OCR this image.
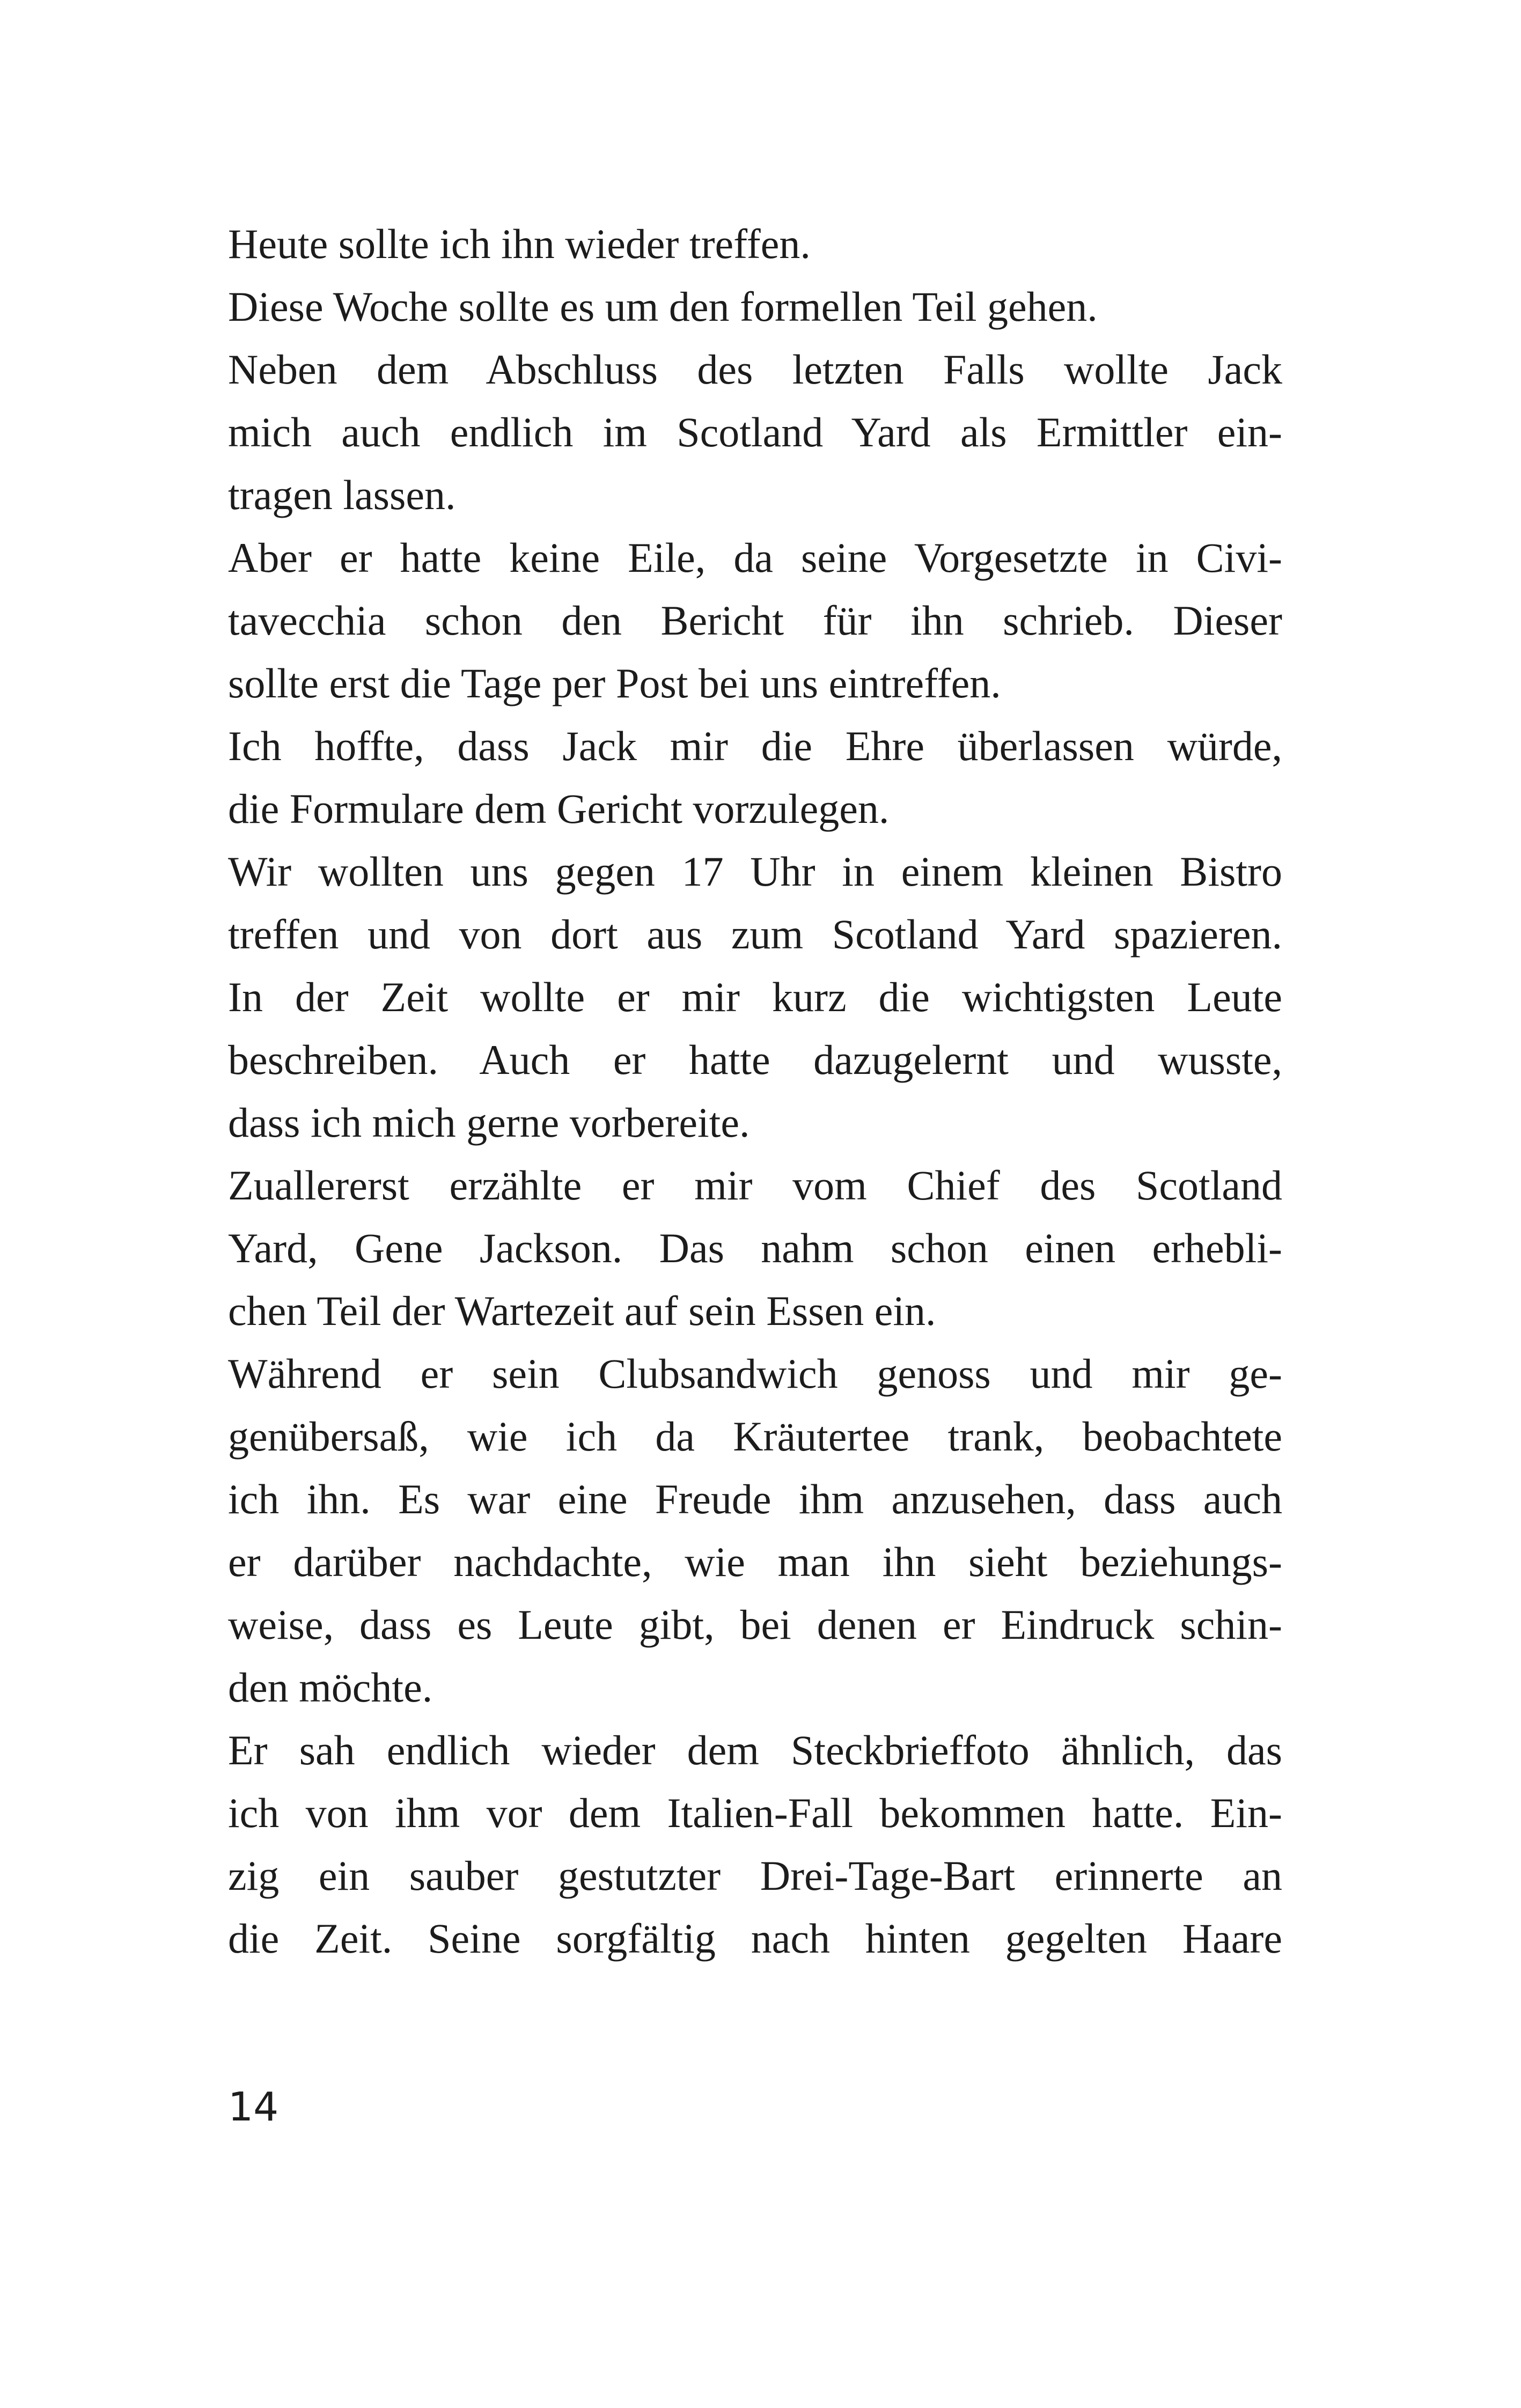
Heute sollte ich ihn wieder treffen.
Diese Woche sollte es um den formellen Teil gehen.
Neben dem Abschluss des letzten Falls wollte Jack
mich auch endlich im Scotland Yard als Ermittler ein-
tragen lassen.
Aber er hatte keine Eile, da seine Vorgesetzte in Civi-
tavecchia schon den Bericht für ihn schrieb. Dieser
sollte erst die Tage per Post bei uns eintreffen.
Ich hoffte, dass Jack mir die Ehre überlassen würde,
die Formulare dem Gericht vorzulegen.
Wir wollten uns gegen 17 Uhr in einem kleinen Bistro
treffen und von dort aus zum Scotland Yard spazieren.
In der Zeit wollte er mir kurz die wichtigsten Leute
beschreiben. Auch er hatte dazugelernt und wusste,
dass ich mich gerne vorbereite.
Zuallererst erzählte er mir vom Chief des Scotland
Yard, Gene Jackson. Das nahm schon einen erhebli-
chen Teil der Wartezeit auf sein Essen ein.
Während er sein Clubsandwich genoss und mir ge-
genübersaß, wie ich da Kräutertee trank, beobachtete
ich ihn. Es war eine Freude ihm anzusehen, dass auch
er darüber nachdachte, wie man ihn sieht beziehungs-
weise, dass es Leute gibt, bei denen er Eindruck schin-
den möchte.
Er sah endlich wieder dem Steckbrieffoto ähnlich, das
ich von ihm vor dem Italien-Fall bekommen hatte. Ein-
zig ein sauber gestutzter Drei-Tage-Bart erinnerte an
die Zeit. Seine sorgfältig nach hinten gegelten Haare
14
